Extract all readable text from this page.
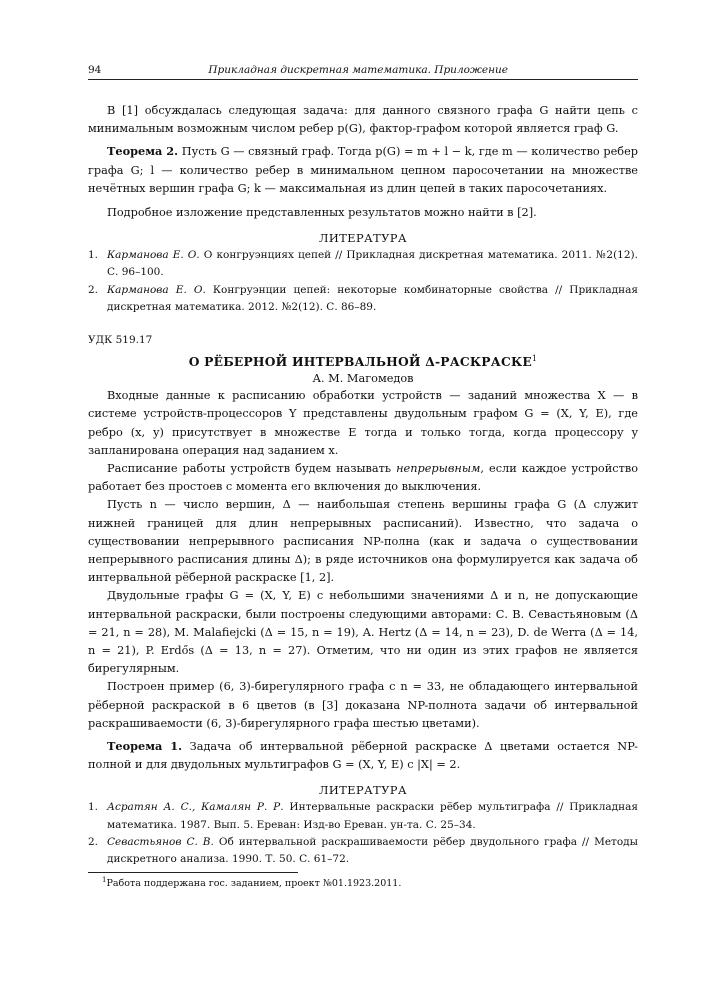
94	Прикладная дискретная математика. Приложение

В [1] обсуждалась следующая задача: для данного связного графа G найти цепь с минимальным возможным числом ребер p(G), фактор-графом которой является граф G.

Теорема 2. Пусть G — связный граф. Тогда p(G) = m + l − k, где m — количество ребер графа G; l — количество ребер в минимальном цепном паросочетании на множестве нечётных вершин графа G; k — максимальная из длин цепей в таких паросочетаниях.

Подробное изложение представленных результатов можно найти в [2].

ЛИТЕРАТУРА
1. Карманова Е. О. О конгруэнциях цепей // Прикладная дискретная математика. 2011. №2(12). С. 96–100.
2. Карманова Е. О. Конгруэнции цепей: некоторые комбинаторные свойства // Прикладная дискретная математика. 2012. №2(12). С. 86–89.
УДК 519.17
О РЁБЕРНОЙ ИНТЕРВАЛЬНОЙ Δ-РАСКРАСКЕ$^1$
А. М. Магомедов

Входные данные к расписанию обработки устройств — заданий множества X — в системе устройств-процессоров Y представлены двудольным графом G = (X, Y, E), где ребро (x, y) присутствует в множестве E тогда и только тогда, когда процессору y запланирована операция над заданием x.

Расписание работы устройств будем называть непрерывным, если каждое устройство работает без простоев с момента его включения до выключения.

Пусть n — число вершин, Δ — наибольшая степень вершины графа G (Δ служит нижней границей для длин непрерывных расписаний). Известно, что задача о существовании непрерывного расписания NP-полна (как и задача о существовании непрерывного расписания длины Δ); в ряде источников она формулируется как задача об интервальной рёберной раскраске [1, 2].

Двудольные графы G = (X, Y, E) с небольшими значениями Δ и n, не допускающие интервальной раскраски, были построены следующими авторами: С. В. Севастьяновым (Δ = 21, n = 28), M. Malafiejcki (Δ = 15, n = 19), A. Hertz (Δ = 14, n = 23), D. de Werra (Δ = 14, n = 21), P. Erdős (Δ = 13, n = 27). Отметим, что ни один из этих графов не является бирегулярным.

Построен пример (6, 3)-бирегулярного графа с n = 33, не обладающего интервальной рёберной раскраской в 6 цветов (в [3] доказана NP-полнота задачи об интервальной раскрашиваемости (6, 3)-бирегулярного графа шестью цветами).

Теорема 1. Задача об интервальной рёберной раскраске Δ цветами остается NP-полной и для двудольных мультиграфов G = (X, Y, E) с |X| = 2.

ЛИТЕРАТУРА
1. Асратян А. С., Камалян Р. Р. Интервальные раскраски рёбер мультиграфа // Прикладная математика. 1987. Вып. 5. Ереван: Изд-во Ереван. ун-та. С. 25–34.
2. Севастьянов С. В. Об интервальной раскрашиваемости рёбер двудольного графа // Методы дискретного анализа. 1990. Т. 50. С. 61–72.
$^1$Работа поддержана гос. заданием, проект №01.1923.2011.
